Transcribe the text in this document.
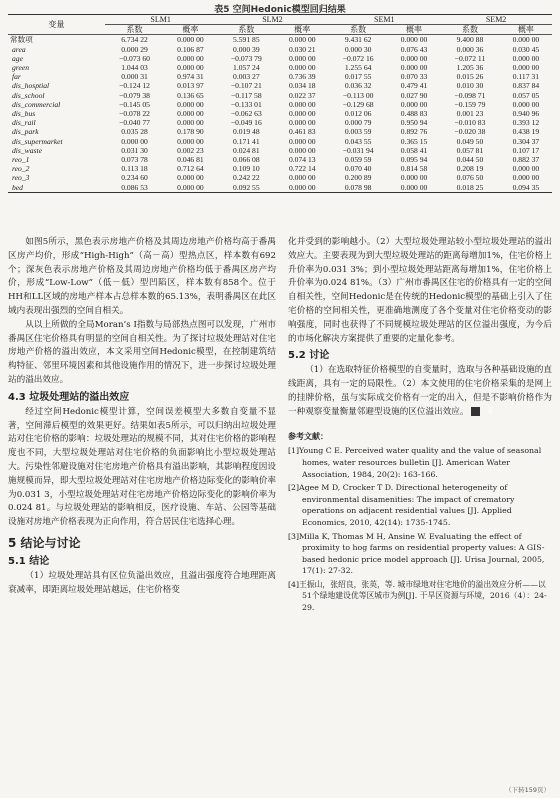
表5 空间Hedonic模型回归结果
变量	SLM1		SLM2		SEM1		SEM2	
	系数	概率	系数	概率	系数	概率	系数	概率
常数项	6.734 22	0.000 00	5.591 85	0.000 00	9.431 62	0.000 00	9.400 88	0.000 00
area	0.000 29	0.106 87	0.000 39	0.030 21	0.000 30	0.076 43	0.000 36	0.030 45
age	−0.073 60	0.000 00	−0.073 79	0.000 00	−0.072 16	0.000 00	−0.072 11	0.000 00
green	1.044 03	0.000 00	1.057 24	0.000 00	1.255 64	0.000 00	1.205 36	0.000 00
far	0.000 31	0.974 31	0.003 27	0.736 39	0.017 55	0.070 33	0.015 26	0.117 31
dis_hosptial	−0.124 12	0.013 97	−0.107 21	0.034 18	0.036 32	0.479 41	0.010 30	0.837 84
dis_school	−0.079 38	0.136 65	−0.117 58	0.022 37	−0.113 00	0.027 90	−0.098 71	0.057 05
dis_commercial	−0.145 05	0.000 00	−0.133 01	0.000 00	−0.129 68	0.000 00	−0.159 79	0.000 00
dis_bus	−0.078 22	0.000 00	−0.062 63	0.000 00	0.012 06	0.488 83	0.001 23	0.940 96
dis_rail	−0.040 77	0.000 00	−0.049 16	0.000 00	0.000 79	0.950 94	−0.010 83	0.393 12
dis_park	0.035 28	0.178 90	0.019 48	0.461 83	0.003 59	0.892 76	−0.020 38	0.438 19
dis_supermarket	0.000 00	0.000 00	0.171 41	0.000 00	0.043 55	0.365 15	0.049 50	0.304 37
dis_waste	0.031 30	0.002 23	0.024 81	0.000 00	−0.031 94	0.058 41	0.057 81	0.107 17
reo_1	0.073 78	0.046 81	0.066 08	0.074 13	0.059 59	0.095 94	0.044 50	0.882 37
reo_2	0.113 18	0.712 64	0.109 10	0.722 14	0.070 40	0.814 58	0.208 19	0.000 00
reo_3	0.234 60	0.000 00	0.242 22	0.000 00	0.200 89	0.000 00	0.076 50	0.000 00
bed	0.086 53	0.000 00	0.092 55	0.000 00	0.078 98	0.000 00	0.018 25	0.094 35

如图5所示，黑色表示房地产价格及其周边房地产价格均高于番禺区房产均价，形成“High-High”（高－高）型热点区，样本数有692个；深灰色表示房地产价格及其周边房地产价格均低于番禺区房产均价，形成“Low-Low”（低－低）型凹陷区，样本数有858个。位于HH和LL区域的房地产样本占总样本数的65.13%，表明番禺区在此区域内表现出强烈的空间自相关。

从以上所做的全局Moran’s I指数与局部热点图可以发现，广州市番禺区住宅价格具有明显的空间自相关性。为了探讨垃圾处理站对住宅房地产价格的溢出效应，本文采用空间Hedonic模型，在控制建筑结构特征、邻里环境因素和其他设施作用的情况下，进一步探讨垃圾处理站的溢出效应。

4.3 垃圾处理站的溢出效应

经过空间Hedonic模型计算，空间误差模型大多数自变量不显著，空间滞后模型的效果更好。结果如表5所示，可以归纳出垃圾处理站对住宅价格的影响：垃圾处理站的规模不同，其对住宅价格的影响程度也不同，大型垃圾处理站对住宅价格的负面影响比小型垃圾处理站大。污染性邻避设施对住宅房地产价格具有溢出影响，其影响程度因设施规模而异，即大型垃圾处理站对住宅房地产价格边际变化的影响价率为0.031 3，小型垃圾处理站对住宅房地产价格边际变化的影响价率为0.024 81。与垃圾处理站的影响相反，医疗设施、车站、公园等基础设施对房地产价格表现为正向作用，符合居民住宅选择心理。

5 结论与讨论
5.1 结论

（1）垃圾处理站具有区位负溢出效应，且溢出强度符合地理距离衰减率，即距离垃圾处理站越远，住宅价格变

化并受到的影响越小。（2）大型垃圾处理站较小型垃圾处理站的溢出效应大。主要表现为到大型垃圾处理站的距离每增加1%，住宅价格上升价率为0.031 3%；到小型垃圾处理站距离每增加1%，住宅价格上升价率为0.024 81%。（3）广州市番禺区住宅的价格具有一定的空间自相关性，空间Hedonic是在传统的Hedonic模型的基础上引入了住宅价格的空间相关性，更准确地测度了各个变量对住宅价格变动的影响强度，同时也获得了不同规模垃圾处理站的区位溢出强度，为今后的市场化解决方案提供了重要的定量化参考。

5.2 讨论

（1）在选取特征价格模型的自变量时，选取与各种基础设施的直线距离，具有一定的局限性。（2）本文使用的住宅价格采集的是网上的挂牌价格，虽与实际成交价格有一定的出入，但是不影响价格作为一种观察变量衡量邻避型设施的区位溢出效应。	E

参考文献：
[1]Young C E. Perceived water quality and the value of seasonal homes, water resources bulletin [J]. American Water Association, 1984, 20(2): 163-166.
[2]Agee M D, Crocker T D. Directional heterogeneity of environmental disamenities: The impact of crematory operations on adjacent residential values [J]. Applied Economics, 2010, 42(14): 1735-1745.
[3]Milla K, Thomas M H, Ansine W. Evaluating the effect of proximity to hog farms on residential property values: A GIS-based hedonic price model approach [J]. Urisa Journal, 2005, 17(1): 27-32.
[4]王振山，张绍良，张英，等. 城市绿地对住宅地价的溢出效应分析——以51个绿地建设优等区城市为例[J]. 干旱区资源与环境，2016（4）：24-29.
（下转159页）
